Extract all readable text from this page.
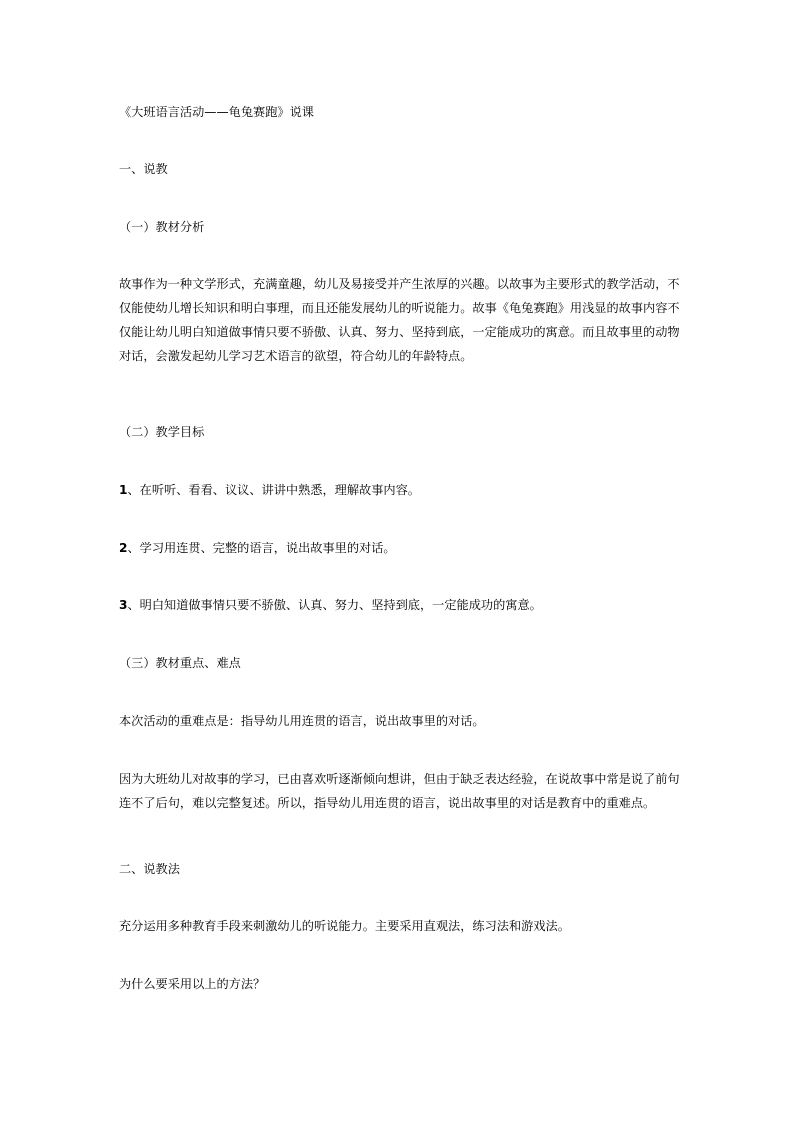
《大班语言活动——龟兔赛跑》说课
一、说教
（一）教材分析
故事作为一种文学形式，充满童趣，幼儿及易接受并产生浓厚的兴趣。以故事为主要形式的教学活动，不
仅能使幼儿增长知识和明白事理，而且还能发展幼儿的听说能力。故事《龟兔赛跑》用浅显的故事内容不
仅能让幼儿明白知道做事情只要不骄傲、认真、努力、坚持到底，一定能成功的寓意。而且故事里的动物
对话，会激发起幼儿学习艺术语言的欲望，符合幼儿的年龄特点。
（二）教学目标
1、在听听、看看、议议、讲讲中熟悉，理解故事内容。
2、学习用连贯、完整的语言，说出故事里的对话。
3、明白知道做事情只要不骄傲、认真、努力、坚持到底，一定能成功的寓意。
（三）教材重点、难点
本次活动的重难点是：指导幼儿用连贯的语言，说出故事里的对话。
因为大班幼儿对故事的学习，已由喜欢听逐渐倾向想讲，但由于缺乏表达经验，在说故事中常是说了前句
连不了后句，难以完整复述。所以，指导幼儿用连贯的语言，说出故事里的对话是教育中的重难点。
二、说教法
充分运用多种教育手段来刺激幼儿的听说能力。主要采用直观法，练习法和游戏法。
为什么要采用以上的方法？
